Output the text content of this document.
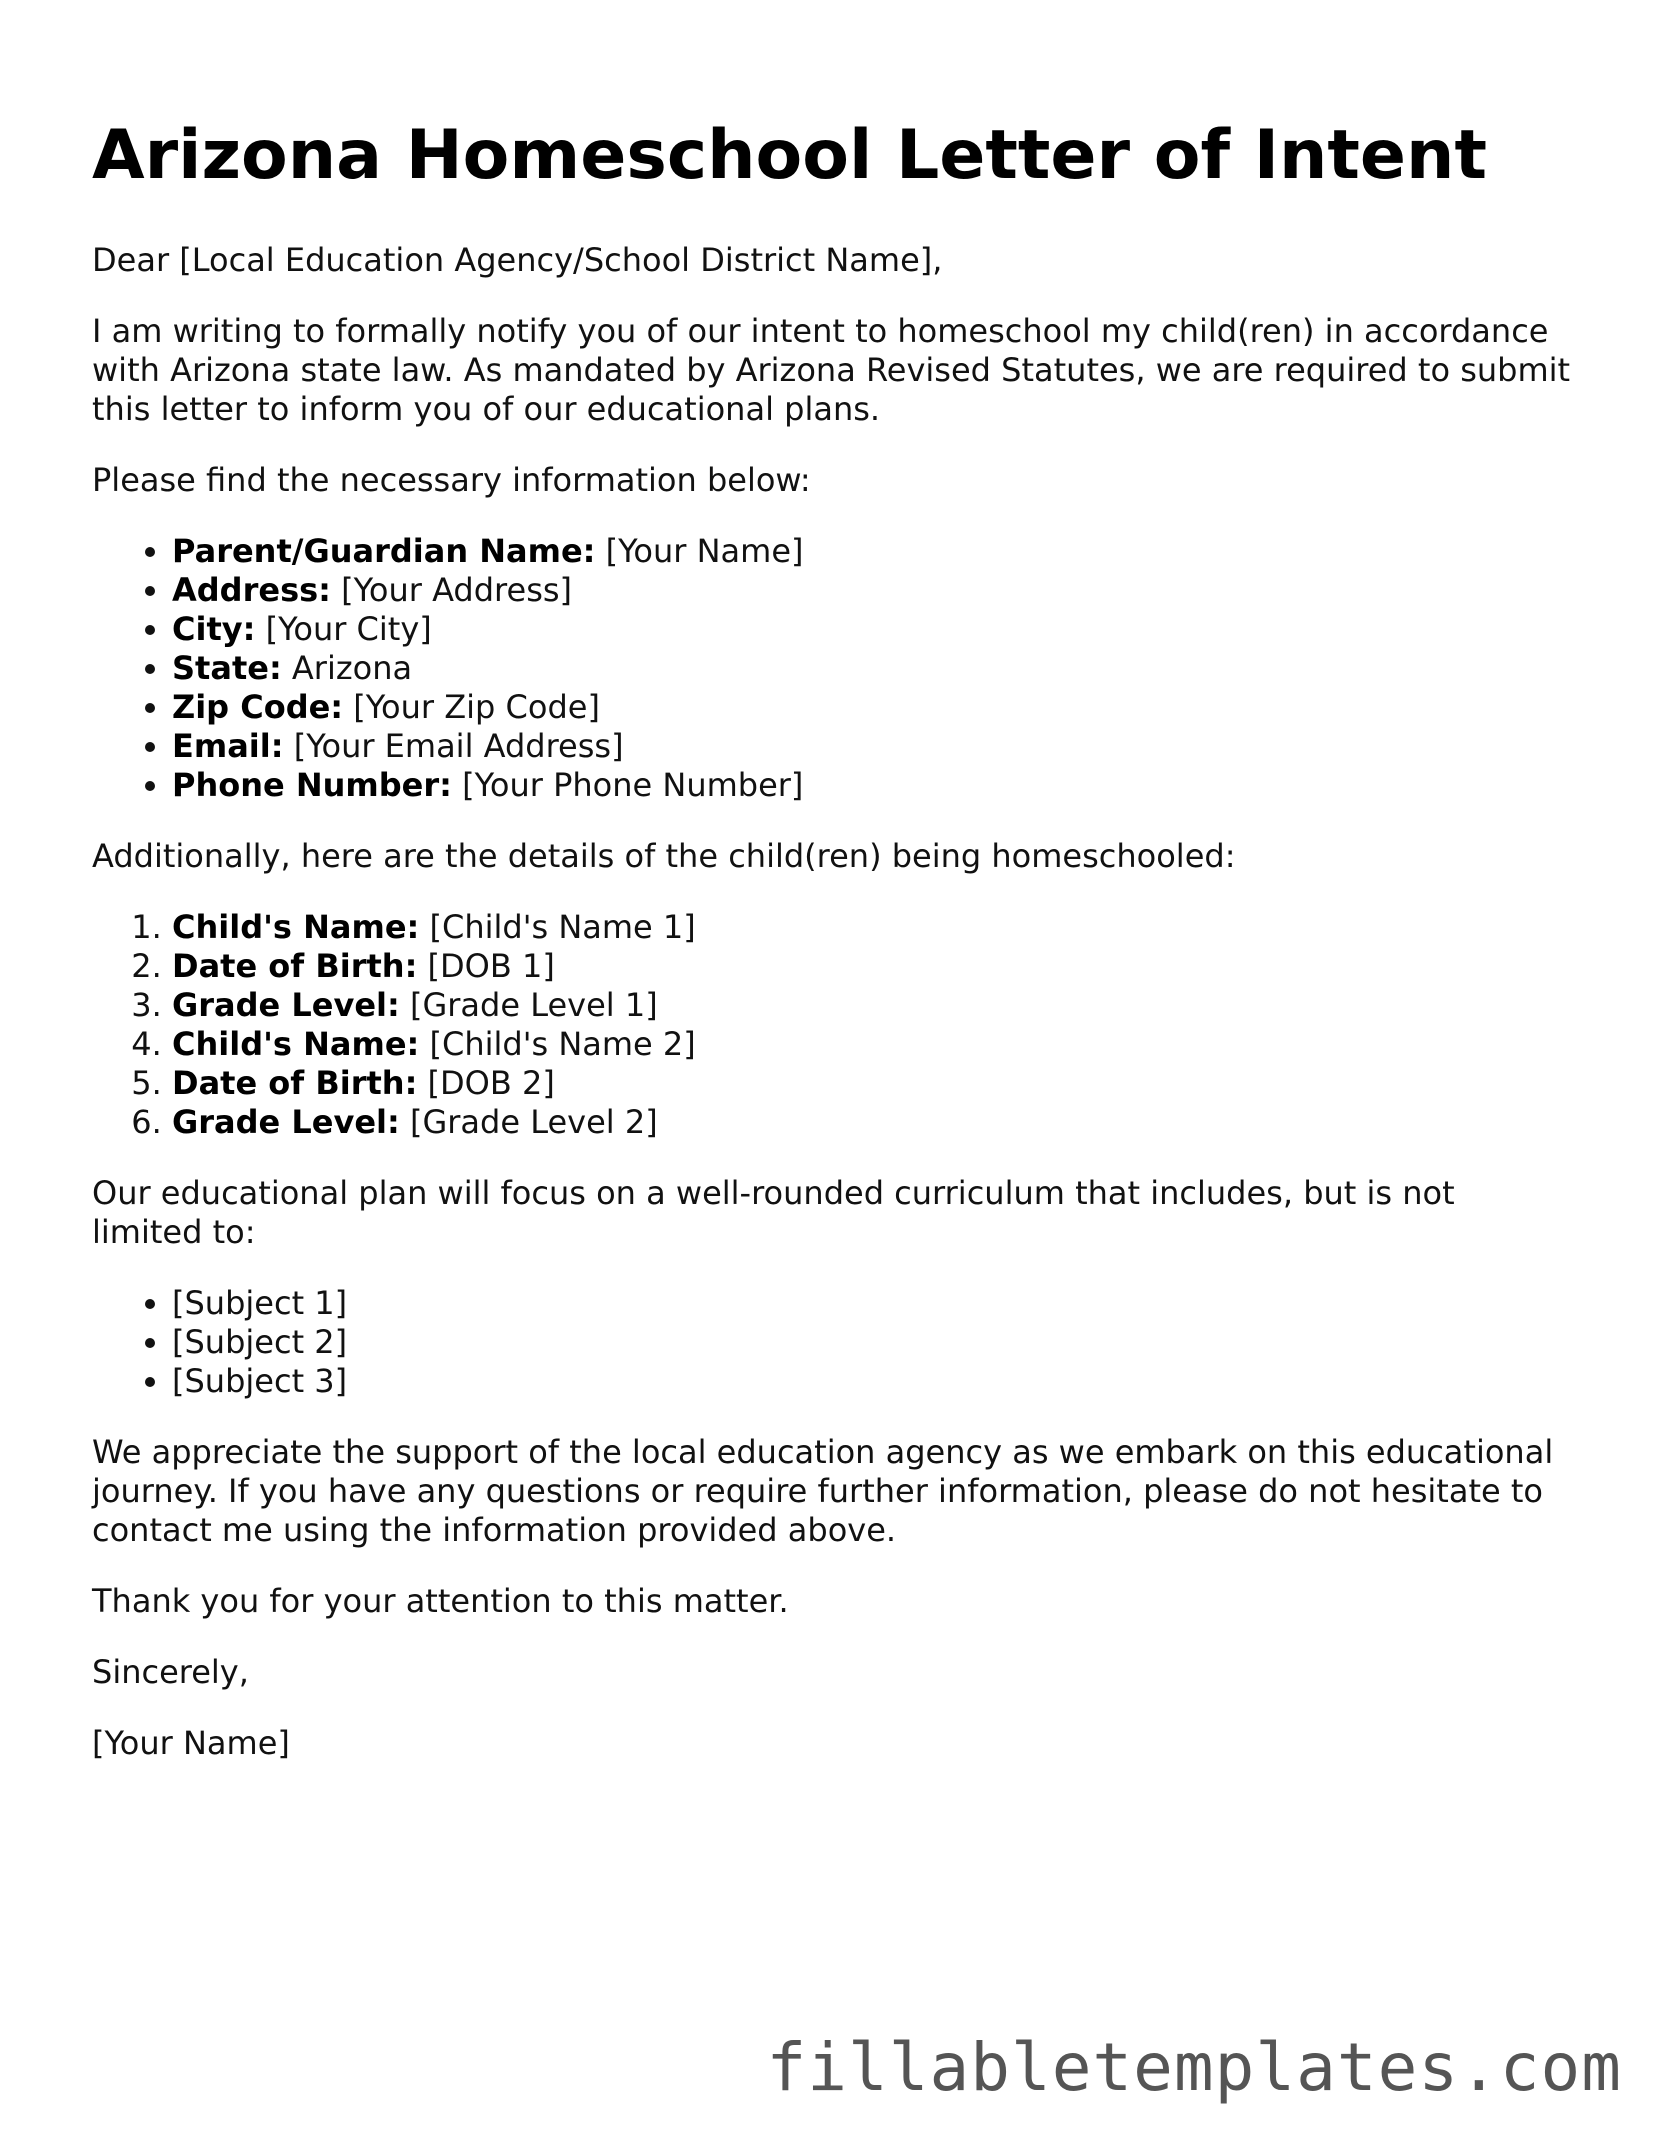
Arizona Homeschool Letter of Intent

Dear [Local Education Agency/School District Name],

I am writing to formally notify you of our intent to homeschool my child(ren) in accordance with Arizona state law. As mandated by Arizona Revised Statutes, we are required to submit this letter to inform you of our educational plans.

Please find the necessary information below:

• Parent/Guardian Name: [Your Name]
• Address: [Your Address]
• City: [Your City]
• State: Arizona
• Zip Code: [Your Zip Code]
• Email: [Your Email Address]
• Phone Number: [Your Phone Number]

Additionally, here are the details of the child(ren) being homeschooled:

1. Child's Name: [Child's Name 1]
2. Date of Birth: [DOB 1]
3. Grade Level: [Grade Level 1]
4. Child's Name: [Child's Name 2]
5. Date of Birth: [DOB 2]
6. Grade Level: [Grade Level 2]

Our educational plan will focus on a well-rounded curriculum that includes, but is not limited to:

• [Subject 1]
• [Subject 2]
• [Subject 3]

We appreciate the support of the local education agency as we embark on this educational journey. If you have any questions or require further information, please do not hesitate to contact me using the information provided above.

Thank you for your attention to this matter.

Sincerely,

[Your Name]

fillabletemplates.com
